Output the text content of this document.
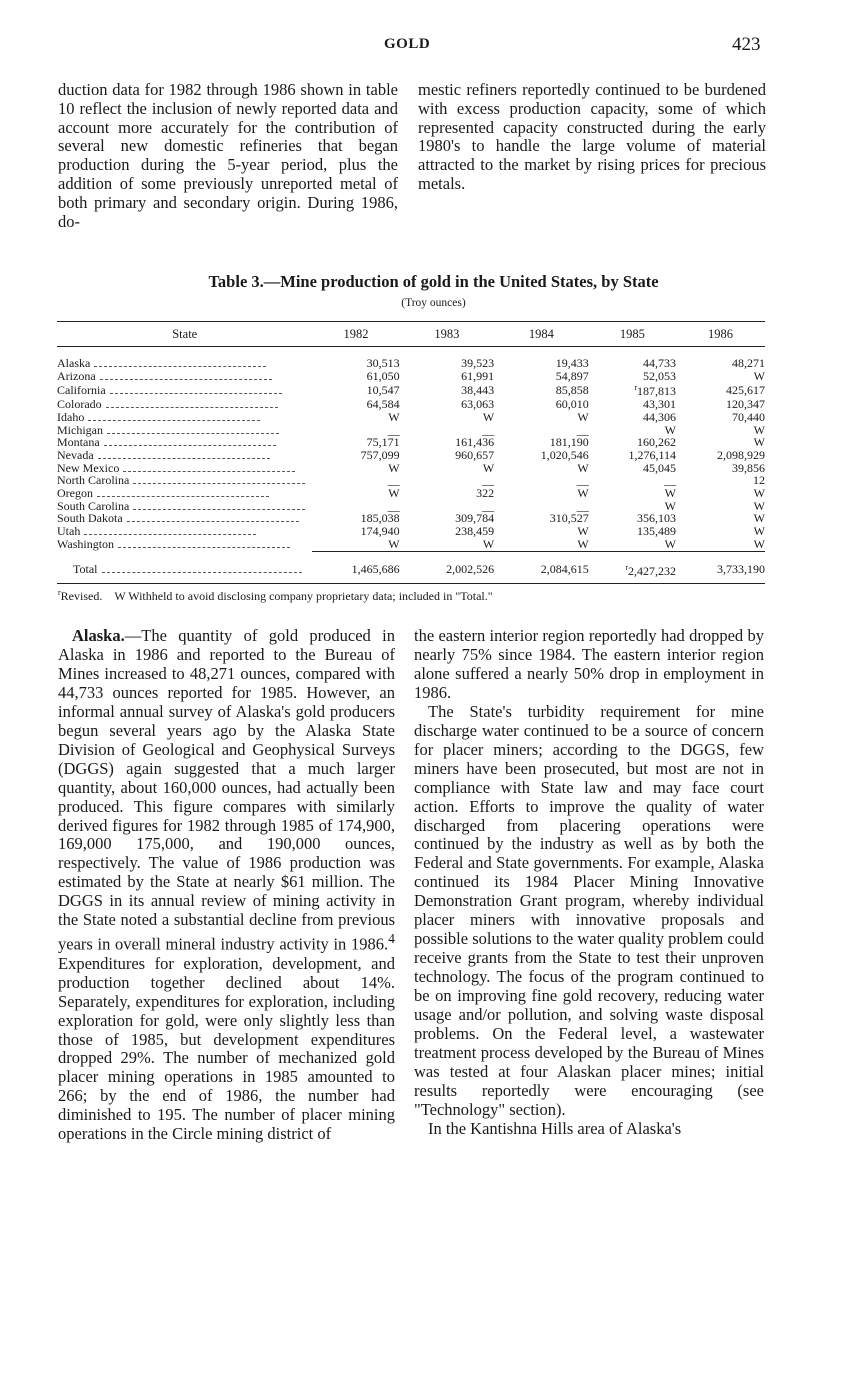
GOLD	423

duction data for 1982 through 1986 shown in table 10 reflect the inclusion of newly reported data and account more accurately for the contribution of several new domestic refineries that began production during the 5-year period, plus the addition of some previously unreported metal of both primary and secondary origin. During 1986, do-

mestic refiners reportedly continued to be burdened with excess production capacity, some of which represented capacity constructed during the early 1980's to handle the large volume of material attracted to the market by rising prices for precious metals.

Table 3.—Mine production of gold in the United States, by State
(Troy ounces)
State	1982	1983	1984	1985	1986
Alaska	30,513	39,523	19,433	44,733	48,271
Arizona	61,050	61,991	54,897	52,053	W
California	10,547	38,443	85,858	$^r$187,813	425,617
Colorado	64,584	63,063	60,010	43,301	120,347
Idaho	W	W	W	44,306	70,440
Michigan	__	__	__	W	W
Montana	75,171	161,436	181,190	160,262	W
Nevada	757,099	960,657	1,020,546	1,276,114	2,098,929
New Mexico	W	W	W	45,045	39,856
North Carolina	__	__	__	__	12
Oregon	W	322	W	W	W
South Carolina	__	__	__	W	W
South Dakota	185,038	309,784	310,527	356,103	W
Utah	174,940	238,459	W	135,489	W
Washington	W	W	W	W	W
Total	1,465,686	2,002,526	2,084,615	$^r$2,427,232	3,733,190

$^r$Revised. W Withheld to avoid disclosing company proprietary data; included in "Total."

Alaska.—The quantity of gold produced in Alaska in 1986 and reported to the Bureau of Mines increased to 48,271 ounces, compared with 44,733 ounces reported for 1985. However, an informal annual survey of Alaska's gold producers begun several years ago by the Alaska State Division of Geological and Geophysical Surveys (DGGS) again suggested that a much larger quantity, about 160,000 ounces, had actually been produced. This figure compares with similarly derived figures for 1982 through 1985 of 174,900, 169,000 175,000, and 190,000 ounces, respectively. The value of 1986 production was estimated by the State at nearly $61 million. The DGGS in its annual review of mining activity in the State noted a substantial decline from previous years in overall mineral industry activity in 1986.$^4$ Expenditures for exploration, development, and production together declined about 14%. Separately, expenditures for exploration, including exploration for gold, were only slightly less than those of 1985, but development expenditures dropped 29%. The number of mechanized gold placer mining operations in 1985 amounted to 266; by the end of 1986, the number had diminished to 195. The number of placer mining operations in the Circle mining district of

the eastern interior region reportedly had dropped by nearly 75% since 1984. The eastern interior region alone suffered a nearly 50% drop in employment in 1986.

The State's turbidity requirement for mine discharge water continued to be a source of concern for placer miners; according to the DGGS, few miners have been prosecuted, but most are not in compliance with State law and may face court action. Efforts to improve the quality of water discharged from placering operations were continued by the industry as well as by both the Federal and State governments. For example, Alaska continued its 1984 Placer Mining Innovative Demonstration Grant program, whereby individual placer miners with innovative proposals and possible solutions to the water quality problem could receive grants from the State to test their unproven technology. The focus of the program continued to be on improving fine gold recovery, reducing water usage and/or pollution, and solving waste disposal problems. On the Federal level, a wastewater treatment process developed by the Bureau of Mines was tested at four Alaskan placer mines; initial results reportedly were encouraging (see "Technology" section).

In the Kantishna Hills area of Alaska's
